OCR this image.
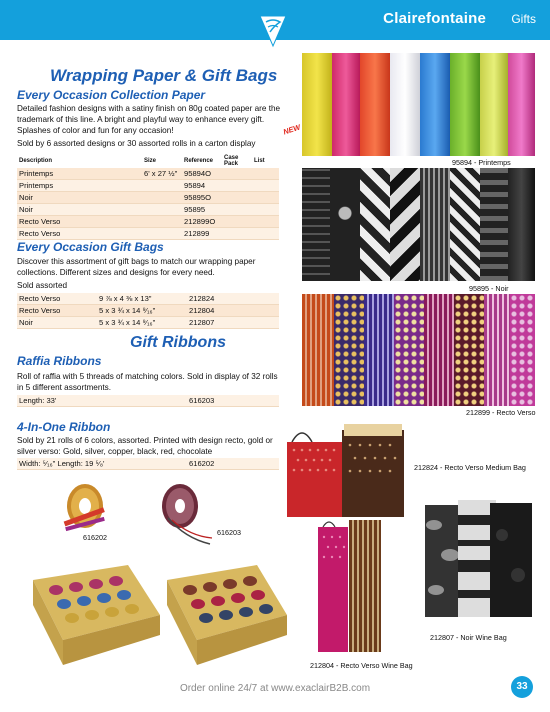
Clairefontaine Gifts
Wrapping Paper & Gift Bags
Every Occasion Collection Paper
Detailed fashion designs with a satiny finish on 80g coated paper are the trademark of this line. A bright and playful way to enhance every gift. Splashes of color and fun for any occasion!
Sold by 6 assorted designs or 30 assorted rolls in a carton display
Description	Size	Reference	Case Pack	List
Printemps	6' x 27 ½"	95894O		
Printemps		95894		
Noir		95895O		
Noir		95895		
Recto Verso		212899O		
Recto Verso		212899		
Every Occasion Gift Bags
Discover this assortment of gift bags to match our wrapping paper collections. Different sizes and designs for every need.
Sold assorted
Recto Verso	9 ⅞ x 4 ⅜ x 13"	212824
Recto Verso	5 x 3 ¾ x 14 ⁹⁄₁₆"	212804
Noir	5 x 3 ¾ x 14 ⁹⁄₁₆"	212807
Gift Ribbons
Raffia Ribbons
Roll of raffia with 5 threads of matching colors. Sold in display of 32 rolls in 5 different assortments.
Length: 33'	616203
4-In-One Ribbon
Sold by 21 rolls of 6 colors, assorted. Printed with design recto, gold or silver verso: Gold, silver, copper, black, red, chocolate
Width: ⁵⁄₁₆" Length: 19 ⁵⁄₈'	616202
616202
616203
NEW
95894 - Printemps
95895 - Noir
212899 - Recto Verso
212824 - Recto Verso Medium Bag
212804 - Recto Verso Wine Bag
212807 - Noir Wine Bag
Order online 24/7 at www.exaclairB2B.com	33
